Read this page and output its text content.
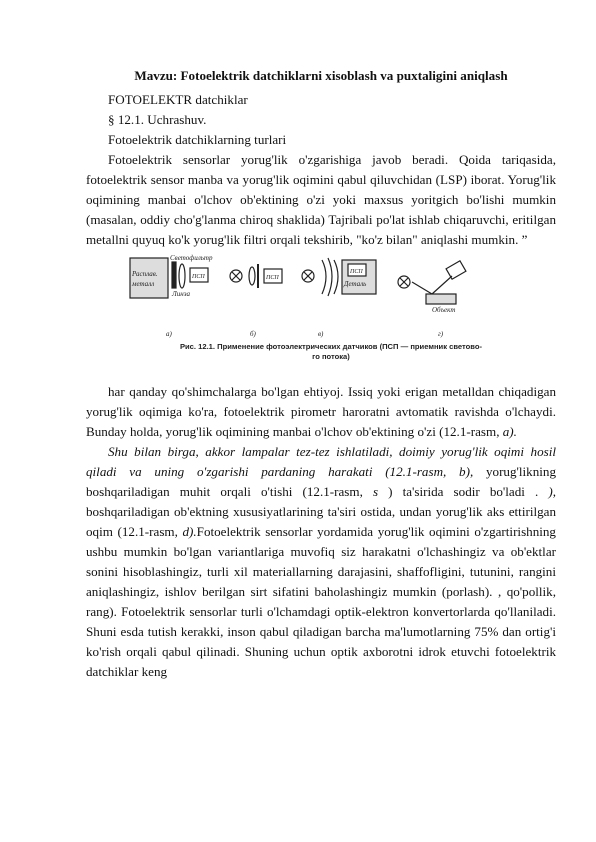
Mavzu: Fotoelektrik datchiklarni xisoblash va puxtaligini aniqlash

FOTOELEKTR datchiklar

§ 12.1. Uchrashuv.

Fotoelektrik datchiklarning turlari

Fotoelektrik sensorlar yorug'lik o'zgarishiga javob beradi. Qoida tariqasida, fotoelektrik sensor manba va yorug'lik oqimini qabul qiluvchidan (LSP) iborat. Yorug'lik oqimining manbai o'lchov ob'ektining o'zi yoki maxsus yoritgich bo'lishi mumkin (masalan, oddiy cho'g'lanma chiroq shaklida) Tajribali po'lat ishlab chiqaruvchi, eritilgan metallni quyuq ko'k yorug'lik filtri orqali tekshirib, "ko'z bilan" aniqlashi mumkin. ”

Расплав.
металл
Светофильтр
Линза
ПСП
а)
ПСП
б)
Деталь
ПСП
в)
Объект
г)

Рис. 12.1. Применение фотоэлектрических датчиков (ПСП — приемник светово-

го потока)

har qanday qo'shimchalarga bo'lgan ehtiyoj. Issiq yoki erigan metalldan chiqadigan yorug'lik oqimiga ko'ra, fotoelektrik pirometr haroratni avtomatik ravishda o'lchaydi. Bunday holda, yorug'lik oqimining manbai o'lchov ob'ektining o'zi (12.1-rasm, a).

Shu bilan birga, akkor lampalar tez-tez ishlatiladi, doimiy yorug'lik oqimi hosil qiladi va uning o'zgarishi pardaning harakati (12.1-rasm, b), yorug'likning boshqariladigan muhit orqali o'tishi (12.1-rasm, s ) ta'sirida sodir bo'ladi . ), boshqariladigan ob'ektning xususiyatlarining ta'siri ostida, undan yorug'lik aks ettirilgan oqim (12.1-rasm, d).Fotoelektrik sensorlar yordamida yorug'lik oqimini o'zgartirishning ushbu mumkin bo'lgan variantlariga muvofiq siz harakatni o'lchashingiz va ob'ektlar sonini hisoblashingiz, turli xil materiallarning darajasini, shaffofligini, tutunini, rangini aniqlashingiz, ishlov berilgan sirt sifatini baholashingiz mumkin (porlash). , qo'pollik, rang). Fotoelektrik sensorlar turli o'lchamdagi optik-elektron konvertorlarda qo'llaniladi. Shuni esda tutish kerakki, inson qabul qiladigan barcha ma'lumotlarning 75% dan ortig'i ko'rish orqali qabul qilinadi. Shuning uchun optik axborotni idrok etuvchi fotoelektrik datchiklar keng
